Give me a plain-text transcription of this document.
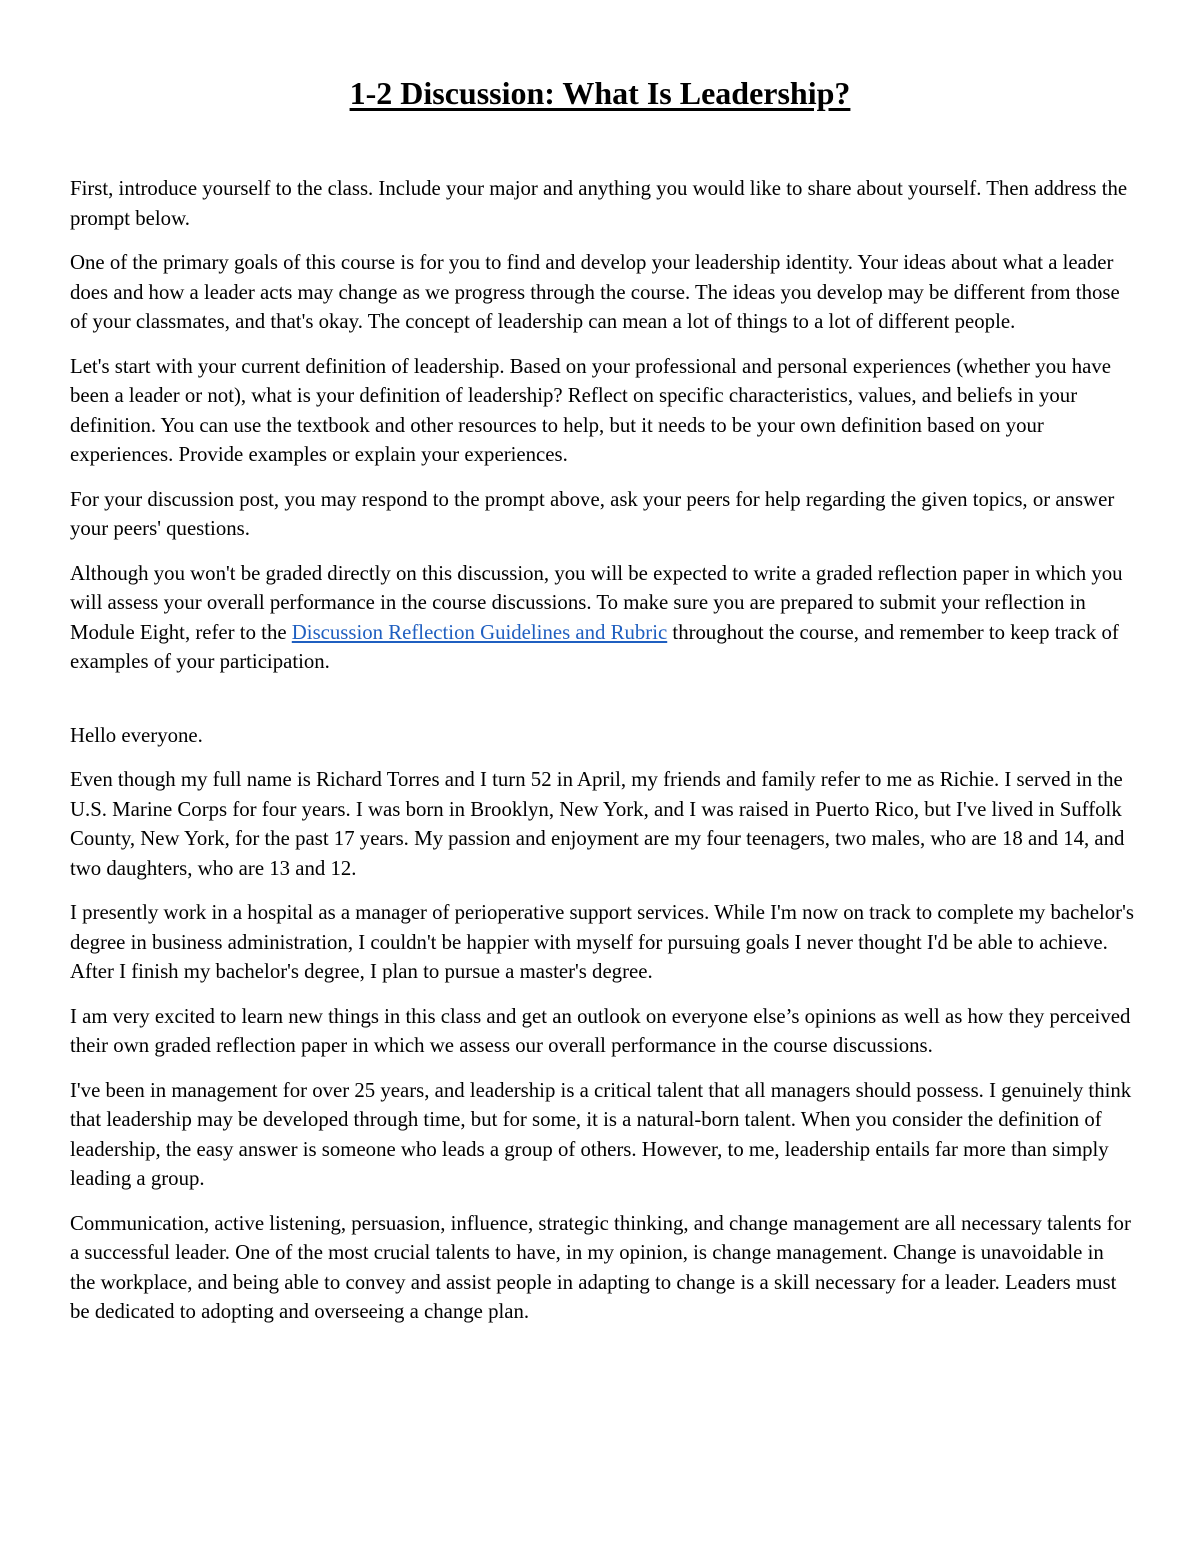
1-2 Discussion: What Is Leadership?

First, introduce yourself to the class. Include your major and anything you would like to share about yourself. Then address the prompt below.

One of the primary goals of this course is for you to find and develop your leadership identity. Your ideas about what a leader does and how a leader acts may change as we progress through the course. The ideas you develop may be different from those of your classmates, and that's okay. The concept of leadership can mean a lot of things to a lot of different people.

Let's start with your current definition of leadership. Based on your professional and personal experiences (whether you have been a leader or not), what is your definition of leadership? Reflect on specific characteristics, values, and beliefs in your definition. You can use the textbook and other resources to help, but it needs to be your own definition based on your experiences. Provide examples or explain your experiences.

For your discussion post, you may respond to the prompt above, ask your peers for help regarding the given topics, or answer your peers' questions.

Although you won't be graded directly on this discussion, you will be expected to write a graded reflection paper in which you will assess your overall performance in the course discussions. To make sure you are prepared to submit your reflection in Module Eight, refer to the Discussion Reflection Guidelines and Rubric throughout the course, and remember to keep track of examples of your participation.

Hello everyone.

Even though my full name is Richard Torres and I turn 52 in April, my friends and family refer to me as Richie. I served in the U.S. Marine Corps for four years. I was born in Brooklyn, New York, and I was raised in Puerto Rico, but I've lived in Suffolk County, New York, for the past 17 years. My passion and enjoyment are my four teenagers, two males, who are 18 and 14, and two daughters, who are 13 and 12.

I presently work in a hospital as a manager of perioperative support services. While I'm now on track to complete my bachelor's degree in business administration, I couldn't be happier with myself for pursuing goals I never thought I'd be able to achieve. After I finish my bachelor's degree, I plan to pursue a master's degree.

I am very excited to learn new things in this class and get an outlook on everyone else’s opinions as well as how they perceived their own graded reflection paper in which we assess our overall performance in the course discussions.

I've been in management for over 25 years, and leadership is a critical talent that all managers should possess. I genuinely think that leadership may be developed through time, but for some, it is a natural-born talent. When you consider the definition of leadership, the easy answer is someone who leads a group of others. However, to me, leadership entails far more than simply leading a group.

Communication, active listening, persuasion, influence, strategic thinking, and change management are all necessary talents for a successful leader. One of the most crucial talents to have, in my opinion, is change management. Change is unavoidable in the workplace, and being able to convey and assist people in adapting to change is a skill necessary for a leader. Leaders must be dedicated to adopting and overseeing a change plan.
